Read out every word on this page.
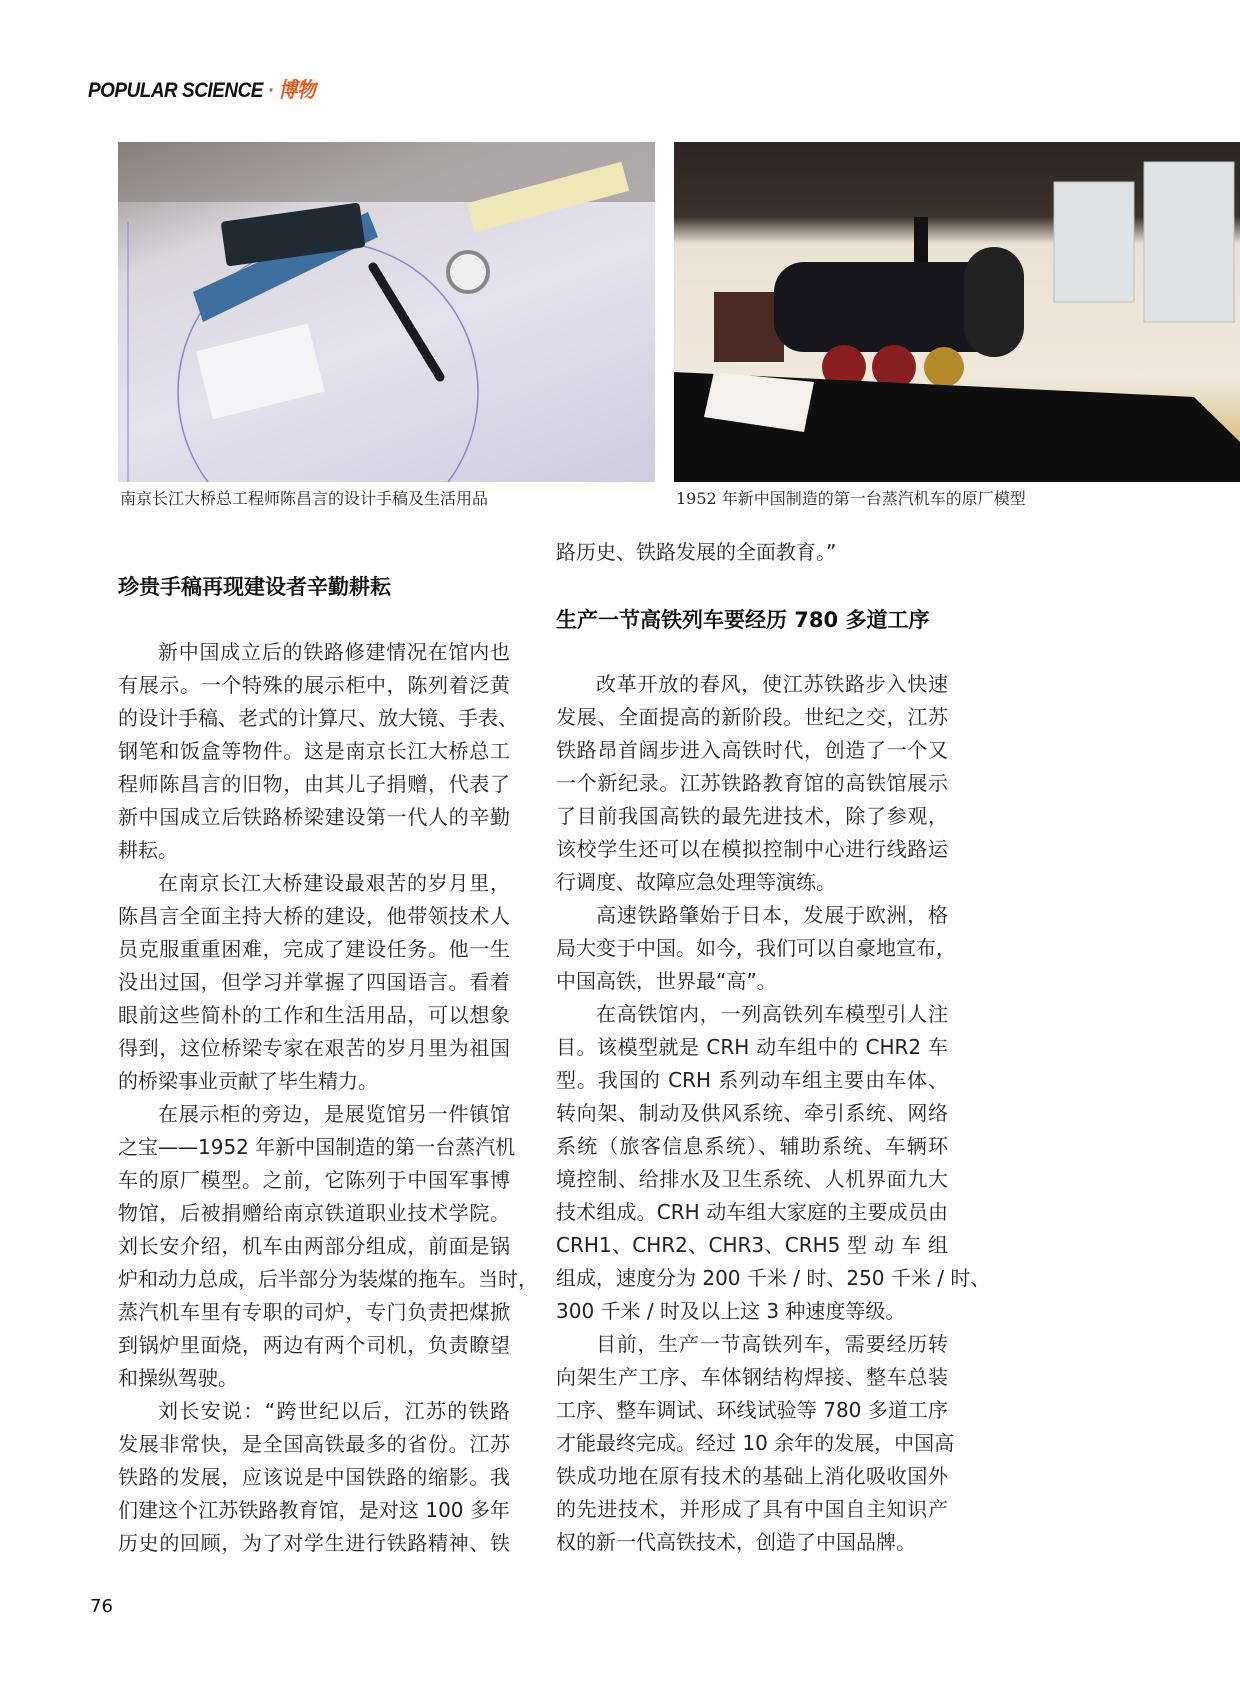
POPULAR SCIENCE · 博物
南京长江大桥总工程师陈昌言的设计手稿及生活用品	1952 年新中国制造的第一台蒸汽机车的原厂模型
珍贵手稿再现建设者辛勤耕耘
路历史、铁路发展的全面教育。”
生产一节高铁列车要经历 780 多道工序
新中国成立后的铁路修建情况在馆内也
有展示。一个特殊的展示柜中，陈列着泛黄
的设计手稿、老式的计算尺、放大镜、手表、
钢笔和饭盒等物件。这是南京长江大桥总工
程师陈昌言的旧物，由其儿子捐赠，代表了
新中国成立后铁路桥梁建设第一代人的辛勤
耕耘。
在南京长江大桥建设最艰苦的岁月里，
陈昌言全面主持大桥的建设，他带领技术人
员克服重重困难，完成了建设任务。他一生
没出过国，但学习并掌握了四国语言。看着
眼前这些简朴的工作和生活用品，可以想象
得到，这位桥梁专家在艰苦的岁月里为祖国
的桥梁事业贡献了毕生精力。
在展示柜的旁边，是展览馆另一件镇馆
之宝——1952 年新中国制造的第一台蒸汽机
车的原厂模型。之前，它陈列于中国军事博
物馆，后被捐赠给南京铁道职业技术学院。
刘长安介绍，机车由两部分组成，前面是锅
炉和动力总成，后半部分为装煤的拖车。当时，
蒸汽机车里有专职的司炉，专门负责把煤掀
到锅炉里面烧，两边有两个司机，负责瞭望
和操纵驾驶。
刘长安说：“跨世纪以后，江苏的铁路
发展非常快，是全国高铁最多的省份。江苏
铁路的发展，应该说是中国铁路的缩影。我
们建这个江苏铁路教育馆，是对这 100 多年
历史的回顾，为了对学生进行铁路精神、铁
改革开放的春风，使江苏铁路步入快速
发展、全面提高的新阶段。世纪之交，江苏
铁路昂首阔步进入高铁时代，创造了一个又
一个新纪录。江苏铁路教育馆的高铁馆展示
了目前我国高铁的最先进技术，除了参观，
该校学生还可以在模拟控制中心进行线路运
行调度、故障应急处理等演练。
高速铁路肇始于日本，发展于欧洲，格
局大变于中国。如今，我们可以自豪地宣布，
中国高铁，世界最“高”。
在高铁馆内，一列高铁列车模型引人注
目。该模型就是 CRH 动车组中的 CHR2 车
型。我国的 CRH 系列动车组主要由车体、
转向架、制动及供风系统、牵引系统、网络
系统（旅客信息系统）、辅助系统、车辆环
境控制、给排水及卫生系统、人机界面九大
技术组成。CRH 动车组大家庭的主要成员由
CRH1、CHR2、CHR3、CRH5 型 动 车 组
组成，速度分为 200 千米 / 时、250 千米 / 时、
300 千米 / 时及以上这 3 种速度等级。
目前，生产一节高铁列车，需要经历转
向架生产工序、车体钢结构焊接、整车总装
工序、整车调试、环线试验等 780 多道工序
才能最终完成。经过 10 余年的发展，中国高
铁成功地在原有技术的基础上消化吸收国外
的先进技术，并形成了具有中国自主知识产
权的新一代高铁技术，创造了中国品牌。
76
